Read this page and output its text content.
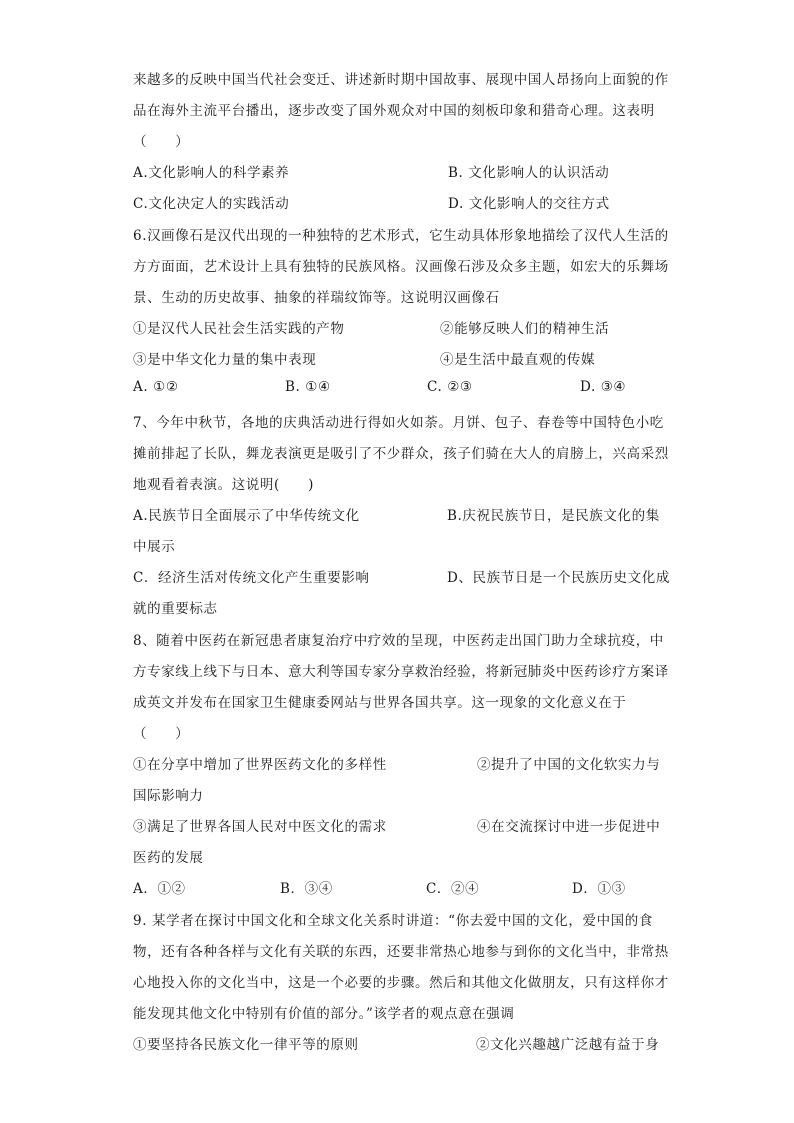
来越多的反映中国当代社会变迁、讲述新时期中国故事、展现中国人昂扬向上面貌的作
品在海外主流平台播出，逐步改变了国外观众对中国的刻板印象和猎奇心理。这表明
（　　）
A.文化影响人的科学素养	B. 文化影响人的认识活动
C.文化决定人的实践活动	D. 文化影响人的交往方式
6.汉画像石是汉代出现的一种独特的艺术形式，它生动具体形象地描绘了汉代人生活的
方方面面，艺术设计上具有独特的民族风格。汉画像石涉及众多主题，如宏大的乐舞场
景、生动的历史故事、抽象的祥瑞纹饰等。这说明汉画像石
①是汉代人民社会生活实践的产物	②能够反映人们的精神生活
③是中华文化力量的集中表现	④是生活中最直观的传媒
A. ①②	B. ①④	C. ②③	D. ③④
7、今年中秋节，各地的庆典活动进行得如火如荼。月饼、包子、春卷等中国特色小吃
摊前排起了长队，舞龙表演更是吸引了不少群众，孩子们骑在大人的肩膀上，兴高采烈
地观看着表演。这说明(　　)
A.民族节日全面展示了中华传统文化	B.庆祝民族节日，是民族文化的集
中展示
C．经济生活对传统文化产生重要影响	D、民族节日是一个民族历史文化成
就的重要标志
8、随着中医药在新冠患者康复治疗中疗效的呈现，中医药走出国门助力全球抗疫，中
方专家线上线下与日本、意大利等国专家分享救治经验，将新冠肺炎中医药诊疗方案译
成英文并发布在国家卫生健康委网站与世界各国共享。这一现象的文化意义在于
（　　）
①在分享中增加了世界医药文化的多样性	②提升了中国的文化软实力与
国际影响力
③满足了世界各国人民对中医文化的需求	④在交流探讨中进一步促进中
医药的发展
A．①②	B．③④	C．②④	D．①③
9. 某学者在探讨中国文化和全球文化关系时讲道：“你去爱中国的文化，爱中国的食
物，还有各种各样与文化有关联的东西，还要非常热心地参与到你的文化当中，非常热
心地投入你的文化当中，这是一个必要的步骤。然后和其他文化做朋友，只有这样你才
能发现其他文化中特别有价值的部分。”该学者的观点意在强调
①要坚持各民族文化一律平等的原则	②文化兴趣越广泛越有益于身
